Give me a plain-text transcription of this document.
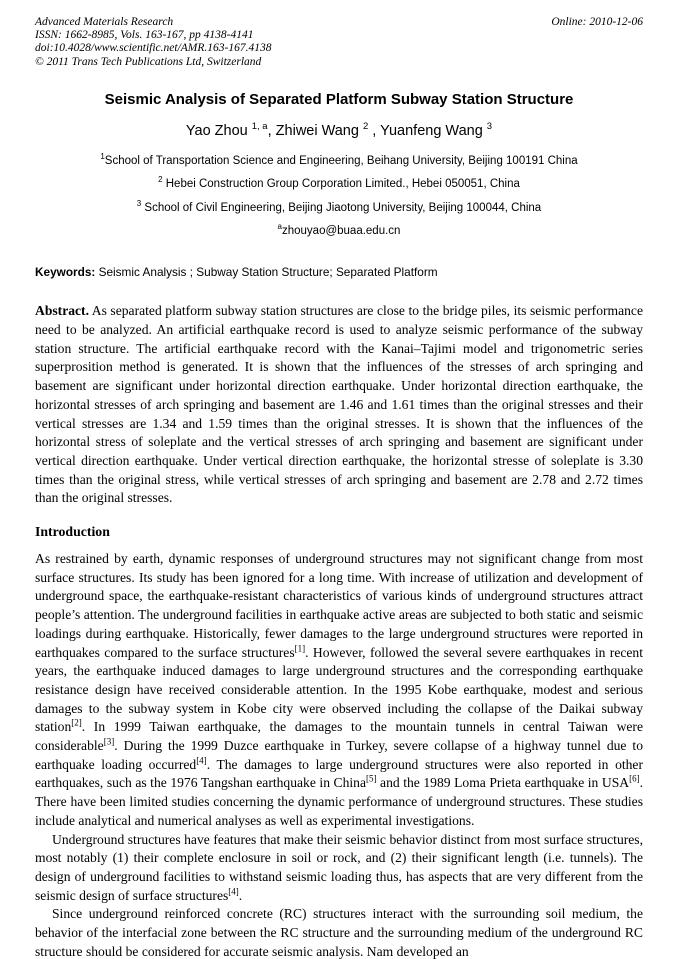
Advanced Materials Research
ISSN: 1662-8985, Vols. 163-167, pp 4138-4141
doi:10.4028/www.scientific.net/AMR.163-167.4138
© 2011 Trans Tech Publications Ltd, Switzerland
Online: 2010-12-06
Seismic Analysis of Separated Platform Subway Station Structure
Yao Zhou $^{1, a}$, Zhiwei Wang $^2$ , Yuanfeng Wang $^3$
$^1$School of Transportation Science and Engineering, Beihang University, Beijing 100191 China
$^2$ Hebei Construction Group Corporation Limited., Hebei 050051, China
$^3$ School of Civil Engineering, Beijing Jiaotong University, Beijing 100044, China
$^a$zhouyao@buaa.edu.cn
Keywords: Seismic Analysis ; Subway Station Structure; Separated Platform

Abstract. As separated platform subway station structures are close to the bridge piles, its seismic performance need to be analyzed. An artificial earthquake record is used to analyze seismic performance of the subway station structure. The artificial earthquake record with the Kanai–Tajimi model and trigonometric series superprosition method is generated. It is shown that the influences of the stresses of arch springing and basement are significant under horizontal direction earthquake. Under horizontal direction earthquake, the horizontal stresses of arch springing and basement are 1.46 and 1.61 times than the original stresses and their vertical stresses are 1.34 and 1.59 times than the original stresses. It is shown that the influences of the horizontal stress of soleplate and the vertical stresses of arch springing and basement are significant under vertical direction earthquake. Under vertical direction earthquake, the horizontal stresse of soleplate is 3.30 times than the original stress, while vertical stresses of arch springing and basement are 2.78 and 2.72 times than the original stresses.

Introduction

As restrained by earth, dynamic responses of underground structures may not significant change from most surface structures. Its study has been ignored for a long time. With increase of utilization and development of underground space, the earthquake-resistant characteristics of various kinds of underground structures attract people’s attention. The underground facilities in earthquake active areas are subjected to both static and seismic loadings during earthquake. Historically, fewer damages to the large underground structures were reported in earthquakes compared to the surface structures[1]. However, followed the several severe earthquakes in recent years, the earthquake induced damages to large underground structures and the corresponding earthquake resistance design have received considerable attention. In the 1995 Kobe earthquake, modest and serious damages to the subway system in Kobe city were observed including the collapse of the Daikai subway station[2]. In 1999 Taiwan earthquake, the damages to the mountain tunnels in central Taiwan were considerable[3]. During the 1999 Duzce earthquake in Turkey, severe collapse of a highway tunnel due to earthquake loading occurred[4]. The damages to large underground structures were also reported in other earthquakes, such as the 1976 Tangshan earthquake in China[5] and the 1989 Loma Prieta earthquake in USA[6]. There have been limited studies concerning the dynamic performance of underground structures. These studies include analytical and numerical analyses as well as experimental investigations.

Underground structures have features that make their seismic behavior distinct from most surface structures, most notably (1) their complete enclosure in soil or rock, and (2) their significant length (i.e. tunnels). The design of underground facilities to withstand seismic loading thus, has aspects that are very different from the seismic design of surface structures[4].

Since underground reinforced concrete (RC) structures interact with the surrounding soil medium, the behavior of the interfacial zone between the RC structure and the surrounding medium of the underground RC structure should be considered for accurate seismic analysis. Nam developed an
